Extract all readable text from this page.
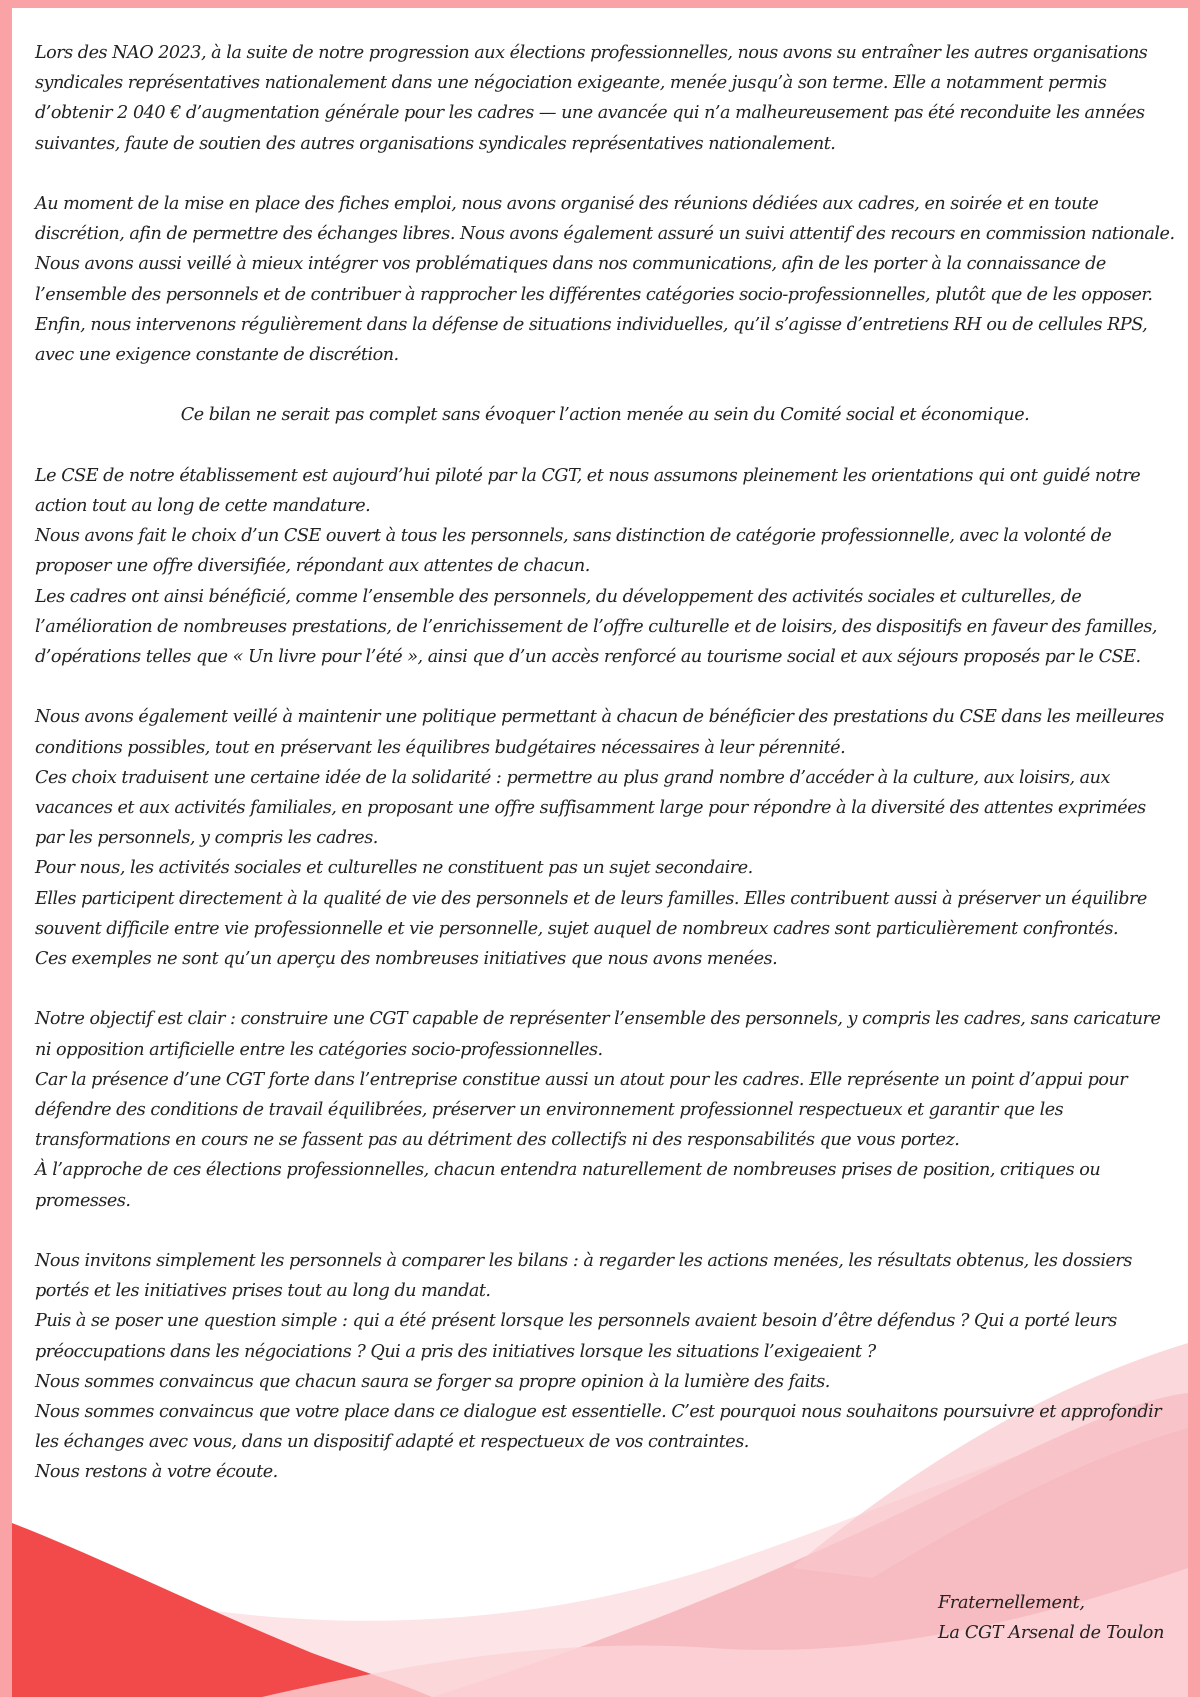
Lors des NAO 2023, à la suite de notre progression aux élections professionnelles, nous avons su entraîner les autres organisations syndicales représentatives nationalement dans une négociation exigeante, menée jusqu’à son terme. Elle a notamment permis d’obtenir 2 040 € d’augmentation générale pour les cadres — une avancée qui n’a malheureusement pas été reconduite les années suivantes, faute de soutien des autres organisations syndicales représentatives nationalement.

Au moment de la mise en place des fiches emploi, nous avons organisé des réunions dédiées aux cadres, en soirée et en toute discrétion, afin de permettre des échanges libres. Nous avons également assuré un suivi attentif des recours en commission nationale.

Nous avons aussi veillé à mieux intégrer vos problématiques dans nos communications, afin de les porter à la connaissance de l’ensemble des personnels et de contribuer à rapprocher les différentes catégories socio-professionnelles, plutôt que de les opposer.

Enfin, nous intervenons régulièrement dans la défense de situations individuelles, qu’il s’agisse d’entretiens RH ou de cellules RPS, avec une exigence constante de discrétion.

Ce bilan ne serait pas complet sans évoquer l’action menée au sein du Comité social et économique.

Le CSE de notre établissement est aujourd’hui piloté par la CGT, et nous assumons pleinement les orientations qui ont guidé notre action tout au long de cette mandature.

Nous avons fait le choix d’un CSE ouvert à tous les personnels, sans distinction de catégorie professionnelle, avec la volonté de proposer une offre diversifiée, répondant aux attentes de chacun.

Les cadres ont ainsi bénéficié, comme l’ensemble des personnels, du développement des activités sociales et culturelles, de l’amélioration de nombreuses prestations, de l’enrichissement de l’offre culturelle et de loisirs, des dispositifs en faveur des familles, d’opérations telles que « Un livre pour l’été », ainsi que d’un accès renforcé au tourisme social et aux séjours proposés par le CSE.

Nous avons également veillé à maintenir une politique permettant à chacun de bénéficier des prestations du CSE dans les meilleures conditions possibles, tout en préservant les équilibres budgétaires nécessaires à leur pérennité.

Ces choix traduisent une certaine idée de la solidarité : permettre au plus grand nombre d’accéder à la culture, aux loisirs, aux vacances et aux activités familiales, en proposant une offre suffisamment large pour répondre à la diversité des attentes exprimées par les personnels, y compris les cadres.

Pour nous, les activités sociales et culturelles ne constituent pas un sujet secondaire.

Elles participent directement à la qualité de vie des personnels et de leurs familles. Elles contribuent aussi à préserver un équilibre souvent difficile entre vie professionnelle et vie personnelle, sujet auquel de nombreux cadres sont particulièrement confrontés.

Ces exemples ne sont qu’un aperçu des nombreuses initiatives que nous avons menées.

Notre objectif est clair : construire une CGT capable de représenter l’ensemble des personnels, y compris les cadres, sans caricature ni opposition artificielle entre les catégories socio-professionnelles.

Car la présence d’une CGT forte dans l’entreprise constitue aussi un atout pour les cadres. Elle représente un point d’appui pour défendre des conditions de travail équilibrées, préserver un environnement professionnel respectueux et garantir que les transformations en cours ne se fassent pas au détriment des collectifs ni des responsabilités que vous portez.

À l’approche de ces élections professionnelles, chacun entendra naturellement de nombreuses prises de position, critiques ou promesses.

Nous invitons simplement les personnels à comparer les bilans : à regarder les actions menées, les résultats obtenus, les dossiers portés et les initiatives prises tout au long du mandat.

Puis à se poser une question simple : qui a été présent lorsque les personnels avaient besoin d’être défendus ? Qui a porté leurs préoccupations dans les négociations ? Qui a pris des initiatives lorsque les situations l’exigeaient ?

Nous sommes convaincus que chacun saura se forger sa propre opinion à la lumière des faits.

Nous sommes convaincus que votre place dans ce dialogue est essentielle. C’est pourquoi nous souhaitons poursuivre et approfondir les échanges avec vous, dans un dispositif adapté et respectueux de vos contraintes.

Nous restons à votre écoute.

Fraternellement,
La CGT Arsenal de Toulon
